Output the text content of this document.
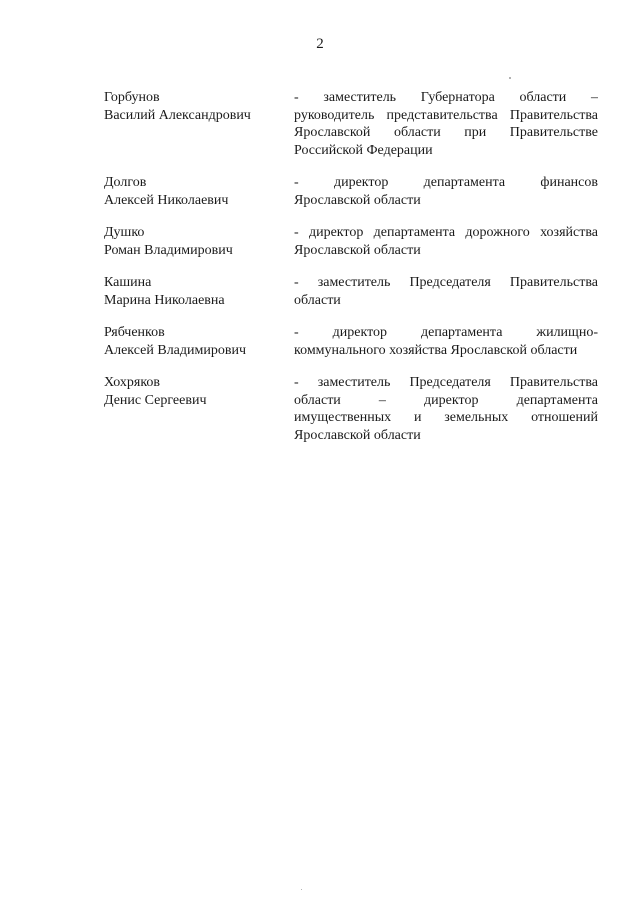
2
Горбунов
Василий Александрович
- заместитель Губернатора области –
руководитель представительства Правительства
Ярославской области при Правительстве
Российской Федерации
Долгов
Алексей Николаевич
- директор департамента финансов
Ярославской области
Душко
Роман Владимирович
- директор департамента дорожного хозяйства
Ярославской области
Кашина
Марина Николаевна
- заместитель Председателя Правительства
области
Рябченков
Алексей Владимирович
- директор департамента жилищно-
коммунального хозяйства Ярославской области
Хохряков
Денис Сергеевич
- заместитель Председателя Правительства
области – директор департамента
имущественных и земельных отношений
Ярославской области
